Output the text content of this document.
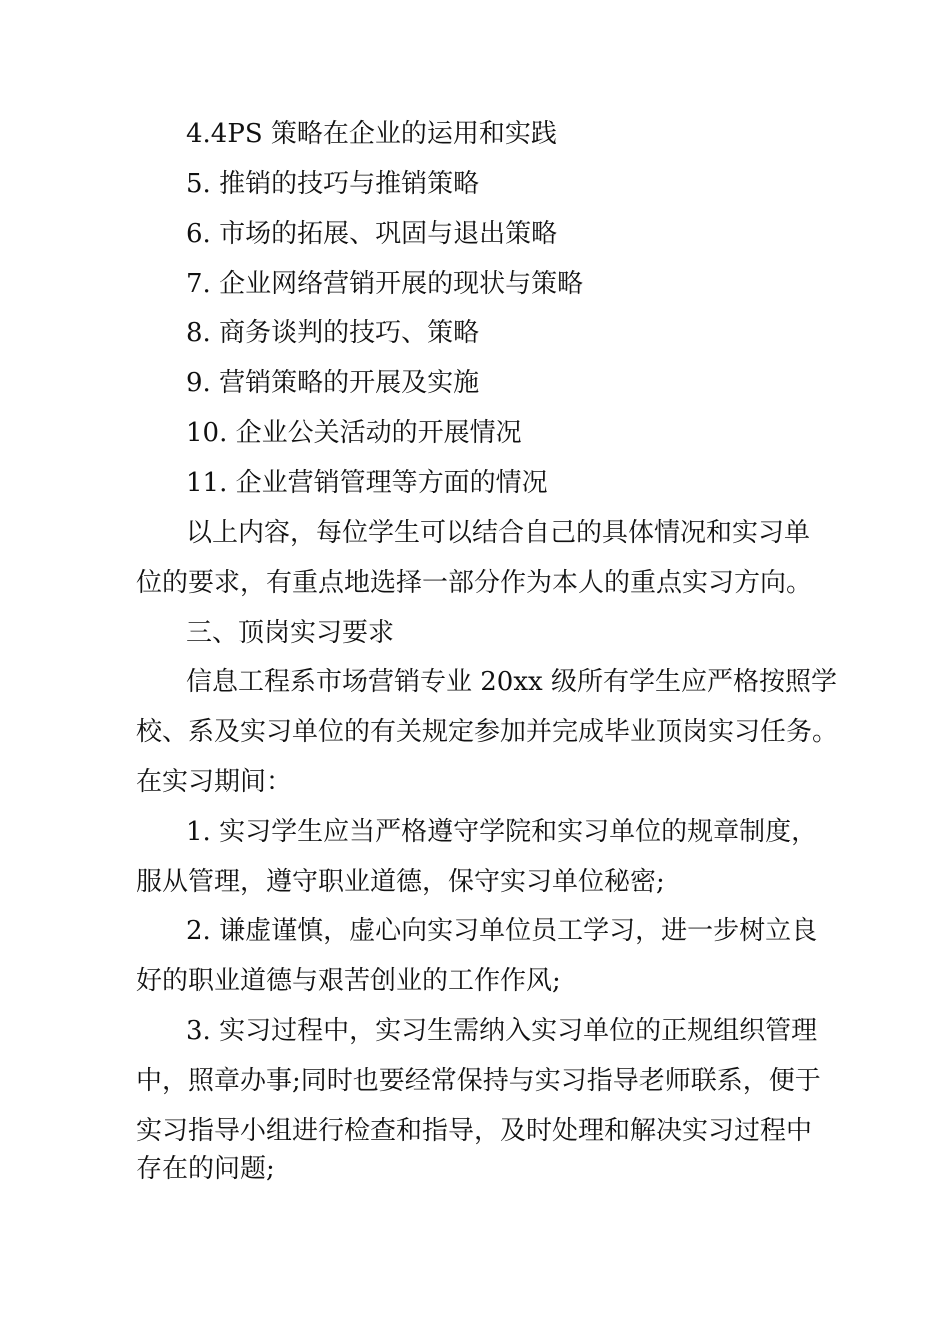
4.4PS 策略在企业的运用和实践
5. 推销的技巧与推销策略
6. 市场的拓展、巩固与退出策略
7. 企业网络营销开展的现状与策略
8. 商务谈判的技巧、策略
9. 营销策略的开展及实施
10. 企业公关活动的开展情况
11. 企业营销管理等方面的情况
以上内容，每位学生可以结合自己的具体情况和实习单
位的要求，有重点地选择一部分作为本人的重点实习方向。
三、顶岗实习要求
信息工程系市场营销专业 20xx 级所有学生应严格按照学
校、系及实习单位的有关规定参加并完成毕业顶岗实习任务。
在实习期间：
1. 实习学生应当严格遵守学院和实习单位的规章制度，
服从管理，遵守职业道德，保守实习单位秘密;
2. 谦虚谨慎，虚心向实习单位员工学习，进一步树立良
好的职业道德与艰苦创业的工作作风;
3. 实习过程中，实习生需纳入实习单位的正规组织管理
中，照章办事;同时也要经常保持与实习指导老师联系，便于
实习指导小组进行检查和指导，及时处理和解决实习过程中
存在的问题;
